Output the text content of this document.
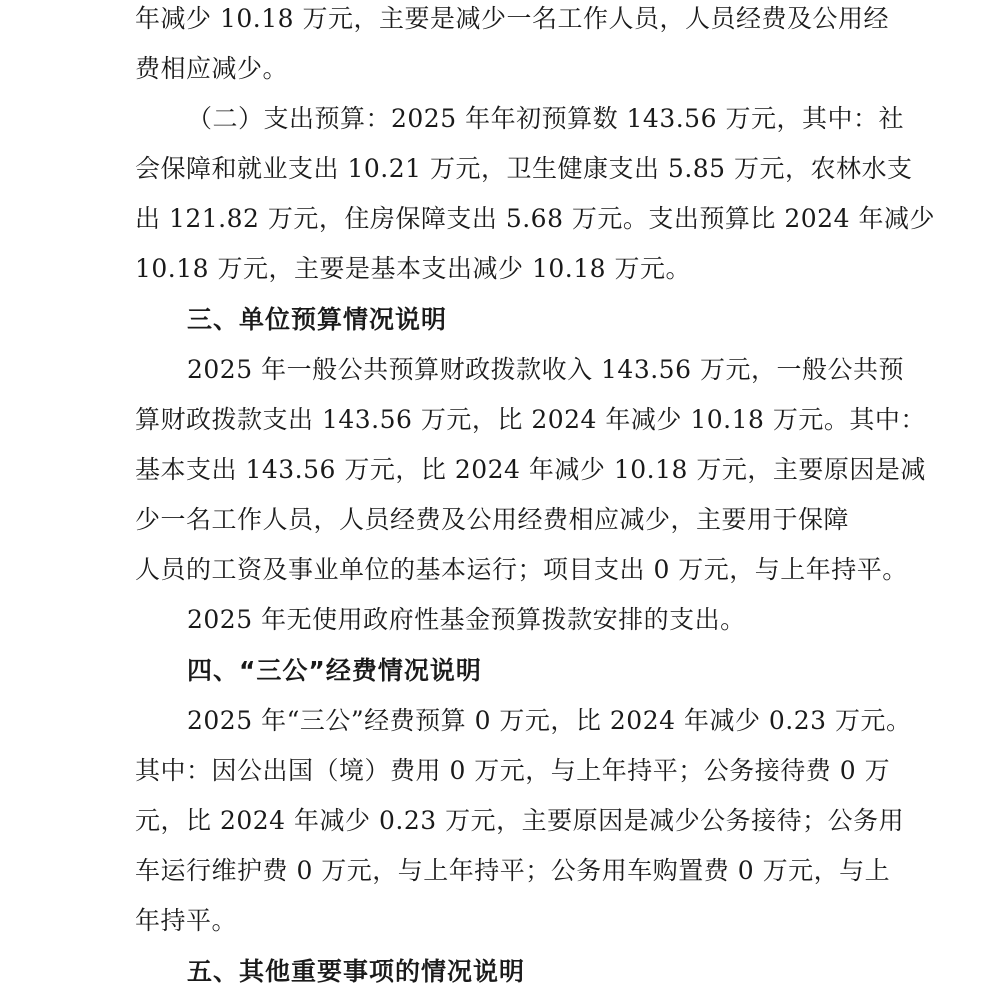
年减少 10.18 万元，主要是减少一名工作人员，人员经费及公用经

费相应减少。

（二）支出预算：2025 年年初预算数 143.56 万元，其中：社

会保障和就业支出 10.21 万元，卫生健康支出 5.85 万元，农林水支

出 121.82 万元，住房保障支出 5.68 万元。支出预算比 2024 年减少

10.18 万元，主要是基本支出减少 10.18 万元。

三、单位预算情况说明

2025 年一般公共预算财政拨款收入 143.56 万元，一般公共预

算财政拨款支出 143.56 万元，比 2024 年减少 10.18 万元。其中：

基本支出 143.56 万元，比 2024 年减少 10.18 万元，主要原因是减

少一名工作人员，人员经费及公用经费相应减少，主要用于保障

人员的工资及事业单位的基本运行；项目支出 0 万元，与上年持平。

2025 年无使用政府性基金预算拨款安排的支出。

四、“三公”经费情况说明

2025 年“三公”经费预算 0 万元，比 2024 年减少 0.23 万元。

其中：因公出国（境）费用 0 万元，与上年持平；公务接待费 0 万

元，比 2024 年减少 0.23 万元，主要原因是减少公务接待；公务用

车运行维护费 0 万元，与上年持平；公务用车购置费 0 万元，与上

年持平。

五、其他重要事项的情况说明
